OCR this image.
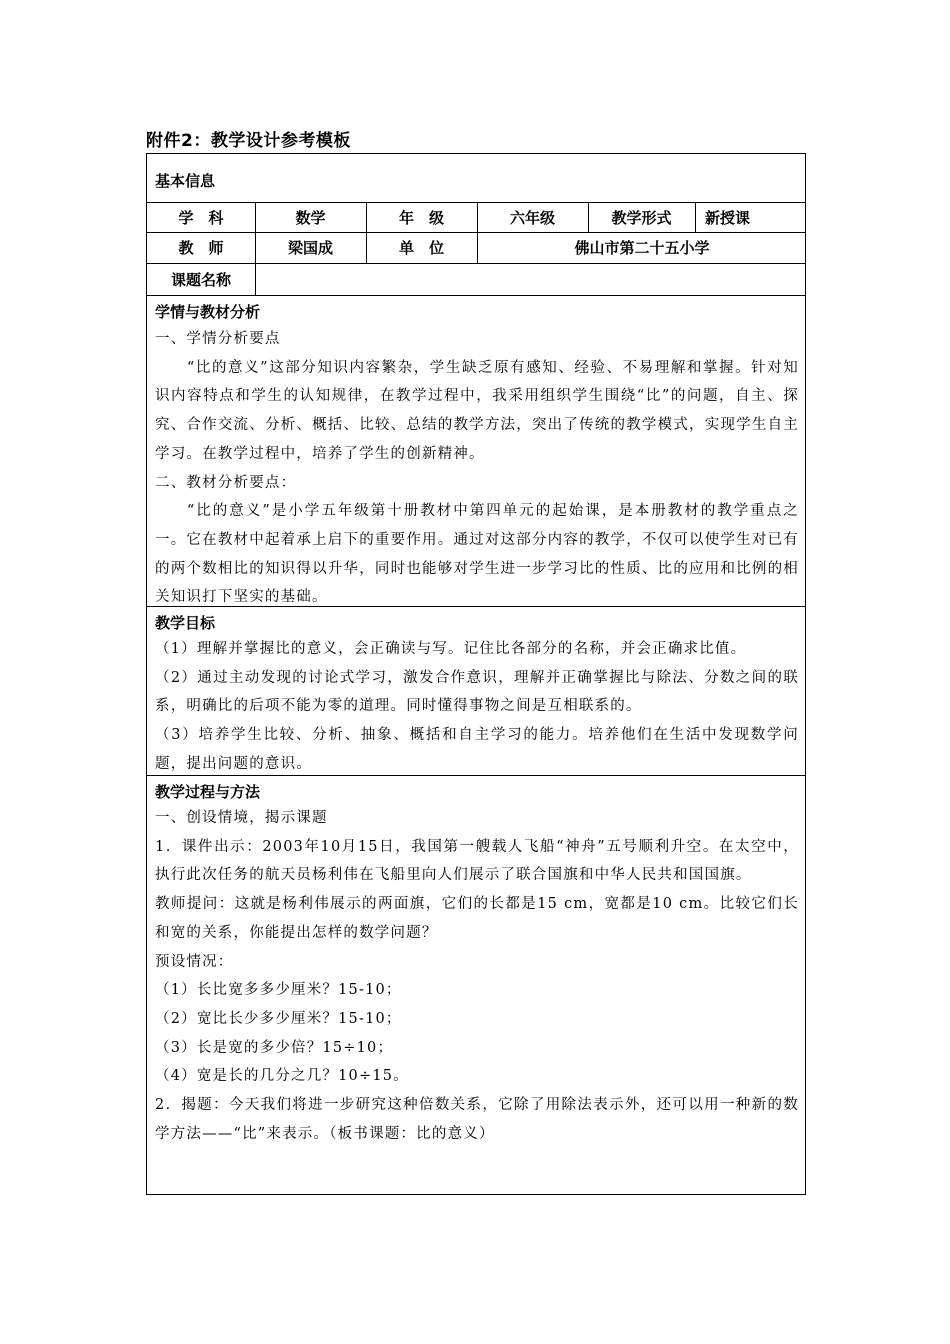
附件2：教学设计参考模板
基本信息
学　科	数学	年　级	六年级	教学形式	新授课
教　师	梁国成	单　位	佛山市第二十五小学
课题名称
学情与教材分析

一、学情分析要点

“比的意义”这部分知识内容繁杂，学生缺乏原有感知、经验、不易理解和掌握。针对知识内容特点和学生的认知规律，在教学过程中，我采用组织学生围绕“比”的问题，自主、探究、合作交流、分析、概括、比较、总结的教学方法，突出了传统的教学模式，实现学生自主学习。在教学过程中，培养了学生的创新精神。

二、教材分析要点：

“比的意义”是小学五年级第十册教材中第四单元的起始课，是本册教材的教学重点之一。它在教材中起着承上启下的重要作用。通过对这部分内容的教学，不仅可以使学生对已有的两个数相比的知识得以升华，同时也能够对学生进一步学习比的性质、比的应用和比例的相关知识打下坚实的基础。

教学目标

（1）理解并掌握比的意义，会正确读与写。记住比各部分的名称，并会正确求比值。

（2）通过主动发现的讨论式学习，激发合作意识，理解并正确掌握比与除法、分数之间的联系，明确比的后项不能为零的道理。同时懂得事物之间是互相联系的。

（3）培养学生比较、分析、抽象、概括和自主学习的能力。培养他们在生活中发现数学问题，提出问题的意识。

教学过程与方法

一、创设情境，揭示课题

1．课件出示：2003年10月15日，我国第一艘载人飞船“神舟”五号顺利升空。在太空中，执行此次任务的航天员杨利伟在飞船里向人们展示了联合国旗和中华人民共和国国旗。

教师提问：这就是杨利伟展示的两面旗，它们的长都是15 cm，宽都是10 cm。比较它们长和宽的关系，你能提出怎样的数学问题？

预设情况：

（1）长比宽多多少厘米？15-10；

（2）宽比长少多少厘米？15-10；

（3）长是宽的多少倍？15÷10；

（4）宽是长的几分之几？10÷15。

2．揭题：今天我们将进一步研究这种倍数关系，它除了用除法表示外，还可以用一种新的数学方法——“比”来表示。（板书课题：比的意义）
